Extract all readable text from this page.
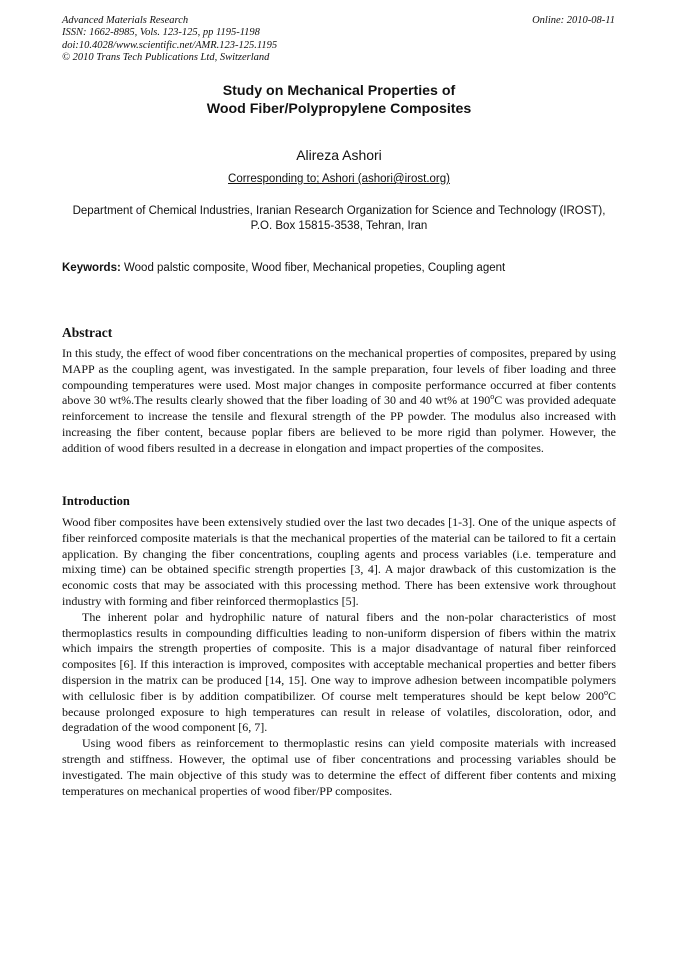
Advanced Materials Research
ISSN: 1662-8985, Vols. 123-125, pp 1195-1198
doi:10.4028/www.scientific.net/AMR.123-125.1195
© 2010 Trans Tech Publications Ltd, Switzerland
Online: 2010-08-11
Study on Mechanical Properties of
Wood Fiber/Polypropylene Composites
Alireza Ashori
Corresponding to; Ashori (ashori@irost.org)
Department of Chemical Industries, Iranian Research Organization for Science and Technology (IROST), P.O. Box 15815-3538, Tehran, Iran
Keywords: Wood palstic composite, Wood fiber, Mechanical propeties, Coupling agent
Abstract
In this study, the effect of wood fiber concentrations on the mechanical properties of composites, prepared by using MAPP as the coupling agent, was investigated. In the sample preparation, four levels of fiber loading and three compounding temperatures were used. Most major changes in composite performance occurred at fiber contents above 30 wt%.The results clearly showed that the fiber loading of 30 and 40 wt% at 190$^o$C was provided adequate reinforcement to increase the tensile and flexural strength of the PP powder. The modulus also increased with increasing the fiber content, because poplar fibers are believed to be more rigid than polymer. However, the addition of wood fibers resulted in a decrease in elongation and impact properties of the composites.
Introduction

Wood fiber composites have been extensively studied over the last two decades [1-3]. One of the unique aspects of fiber reinforced composite materials is that the mechanical properties of the material can be tailored to fit a certain application. By changing the fiber concentrations, coupling agents and process variables (i.e. temperature and mixing time) can be obtained specific strength properties [3, 4]. A major drawback of this customization is the economic costs that may be associated with this processing method. There has been extensive work throughout industry with forming and fiber reinforced thermoplastics [5].

The inherent polar and hydrophilic nature of natural fibers and the non-polar characteristics of most thermoplastics results in compounding difficulties leading to non-uniform dispersion of fibers within the matrix which impairs the strength properties of composite. This is a major disadvantage of natural fiber reinforced composites [6]. If this interaction is improved, composites with acceptable mechanical properties and better fibers dispersion in the matrix can be produced [14, 15]. One way to improve adhesion between incompatible polymers with cellulosic fiber is by addition compatibilizer. Of course melt temperatures should be kept below 200$^o$C because prolonged exposure to high temperatures can result in release of volatiles, discoloration, odor, and degradation of the wood component [6, 7].

Using wood fibers as reinforcement to thermoplastic resins can yield composite materials with increased strength and stiffness. However, the optimal use of fiber concentrations and processing variables should be investigated. The main objective of this study was to determine the effect of different fiber contents and mixing temperatures on mechanical properties of wood fiber/PP composites.
